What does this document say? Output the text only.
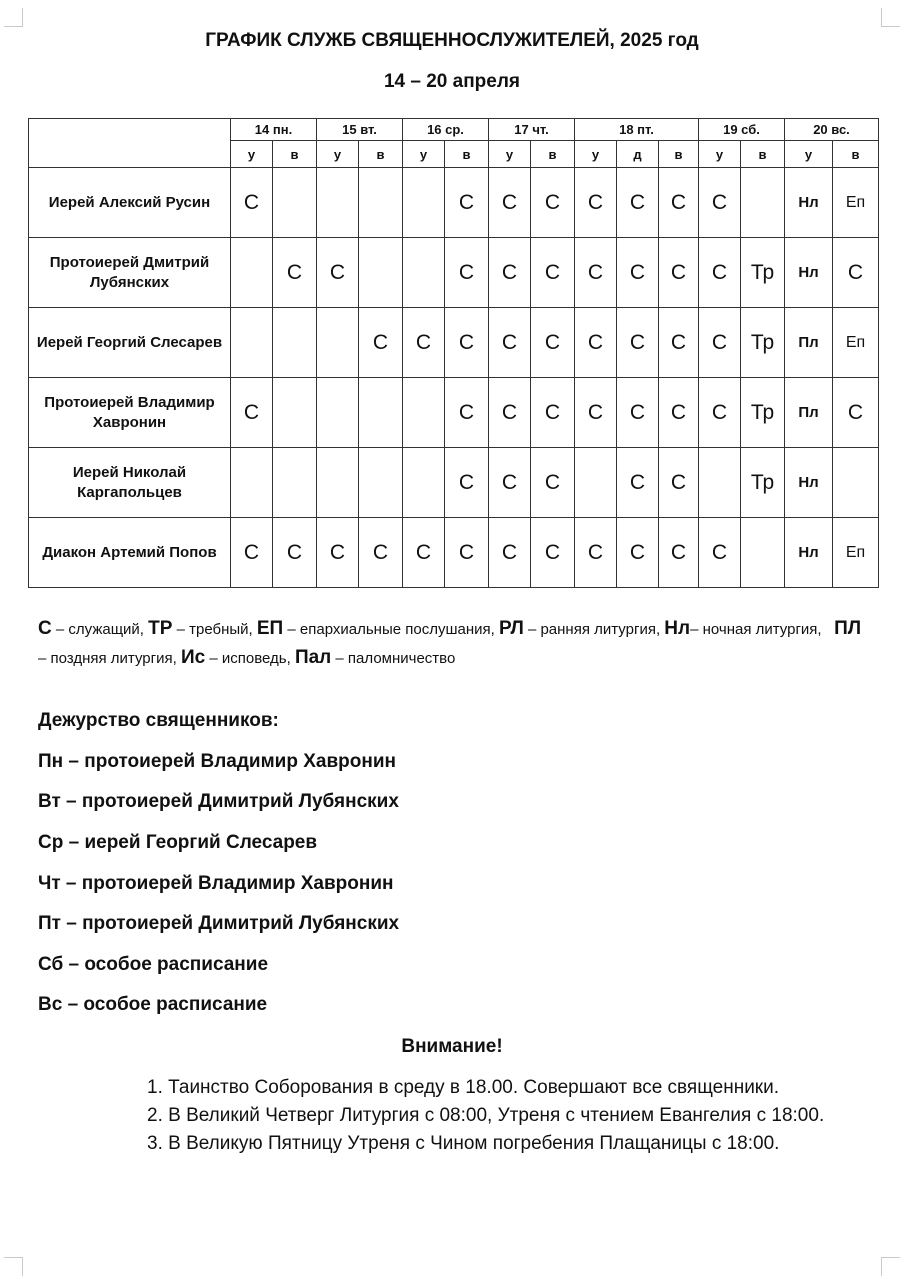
ГРАФИК СЛУЖБ СВЯЩЕННОСЛУЖИТЕЛЕЙ, 2025 год
14 – 20 апреля
	14 пн.		15 вт.		16 ср.		17 чт.		18 пт.			19 сб.		20 вс.	
	у	в	у	в	у	в	у	в	у	д	в	у	в	у	в
Иерей Алексий Русин	С					С	С	С	С	С	С	С		Нл	Еп
Протоиерей Дмитрий Лубянских		С	С			С	С	С	С	С	С	С	Тр	Нл	С
Иерей Георгий Слесарев				С	С	С	С	С	С	С	С	С	Тр	Пл	Еп
Протоиерей Владимир Хавронин	С					С	С	С	С	С	С	С	Тр	Пл	С
Иерей Николай Каргапольцев						С	С	С		С	С		Тр	Нл	
Диакон Артемий Попов	С	С	С	С	С	С	С	С	С	С	С	С		Нл	Еп
С – служащий, ТР – требный, ЕП – епархиальные послушания, РЛ – ранняя литургия, Нл– ночная литургия,   ПЛ – поздняя литургия, Ис – исповедь, Пал – паломничество
Дежурство священников:
Пн – протоиерей Владимир Хавронин
Вт – протоиерей Димитрий Лубянских
Ср – иерей Георгий Слесарев
Чт – протоиерей Владимир Хавронин
Пт – протоиерей Димитрий Лубянских
Сб – особое расписание
Вс – особое расписание
Внимание!

1. Таинство Соборования в среду в 18.00. Совершают все священники.

2. В Великий Четверг Литургия с 08:00, Утреня с чтением Евангелия с 18:00.

3. В Великую Пятницу Утреня с Чином погребения Плащаницы с 18:00.
